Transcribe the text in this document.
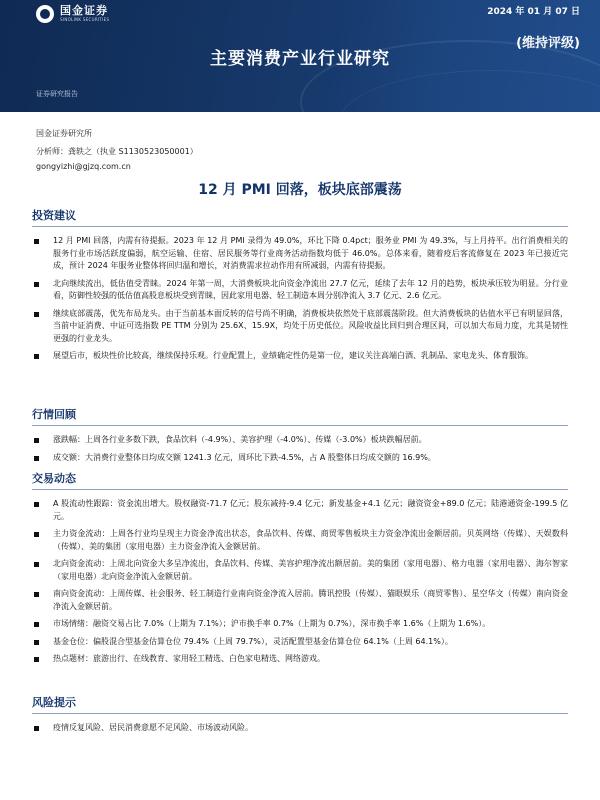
国金证券
SINOLINK SECURITIES
2024 年 01 月 07 日
(维持评级)
主要消费产业行业研究
证券研究报告
国金证券研究所
分析师：龚轶之（执业 S1130523050001）
gongyizhi@gjzq.com.cn
12 月 PMI 回落，板块底部震荡
投资建议
12 月 PMI 回落，内需有待提振。2023 年 12 月 PMI 录得为 49.0%，环比下降 0.4pct；服务业 PMI 为 49.3%，与上月持平。出行消费相关的服务行业市场活跃度偏弱，航空运输、住宿、居民服务等行业商务活动指数均低于 46.0%。总体来看，随着疫后客流修复在 2023 年已接近完成，预计 2024 年服务业整体将回归温和增长，对消费需求拉动作用有所减弱，内需有待提振。
北向继续流出，低估值受青睐。2024 年第一周，大消费板块北向资金净流出 27.7 亿元，延续了去年 12 月的趋势，板块承压较为明显。分行业看，防御性较强的低估值高股息板块受到青睐，因此家用电器、轻工制造本周分别净流入 3.7 亿元、2.6 亿元。
继续底部震荡，优先布局龙头。由于当前基本面反转的信号尚不明确，消费板块依然处于底部震荡阶段。但大消费板块的估值水平已有明显回落，当前中证消费、中证可选指数 PE TTM 分别为 25.6X、15.9X，均处于历史低位。风险收益比回归到合理区间，可以加大布局力度，尤其是韧性更强的行业龙头。
展望后市，板块性价比较高，继续保持乐观。行业配置上，业绩确定性仍是第一位，建议关注高端白酒、乳制品、家电龙头、体育服饰。
行情回顾
涨跌幅：上周各行业多数下跌，食品饮料（-4.9%）、美容护理（-4.0%）、传媒（-3.0%）板块跌幅居前。
成交额：大消费行业整体日均成交额 1241.3 亿元，周环比下跌-4.5%，占 A 股整体日均成交额的 16.9%。
交易动态
A 股流动性跟踪：资金流出增大。股权融资-71.7 亿元；股东减持-9.4 亿元；新发基金+4.1 亿元；融资资金+89.0 亿元；陆港通资金-199.5 亿元。
主力资金流动：上周各行业均呈现主力资金净流出状态，食品饮料、传媒、商贸零售板块主力资金净流出金额居前。贝英网络（传媒）、天娱数科（传媒）、美的集团（家用电器）主力资金净流入金额居前。
北向资金流动：上周北向资金大多呈净流出，食品饮料、传媒、美容护理净流出额居前。美的集团（家用电器）、格力电器（家用电器）、海尔智家（家用电器）北向资金净流入金额居前。
南向资金流动：上周传媒、社会服务、轻工制造行业南向资金净流入居前。腾讯控股（传媒）、猫眼娱乐（商贸零售）、星空华文（传媒）南向资金净流入金额居前。
市场情绪：融资交易占比 7.0%（上期为 7.1%）；沪市换手率 0.7%（上期为 0.7%），深市换手率 1.6%（上期为 1.6%）。
基金仓位：偏股混合型基金估算仓位 79.4%（上周 79.7%），灵活配置型基金估算仓位 64.1%（上周 64.1%）。
热点题材：旅游出行、在线教育、家用轻工精选、白色家电精选、网络游戏。
风险提示
疫情反复风险、居民消费意愿不足风险、市场波动风险。
